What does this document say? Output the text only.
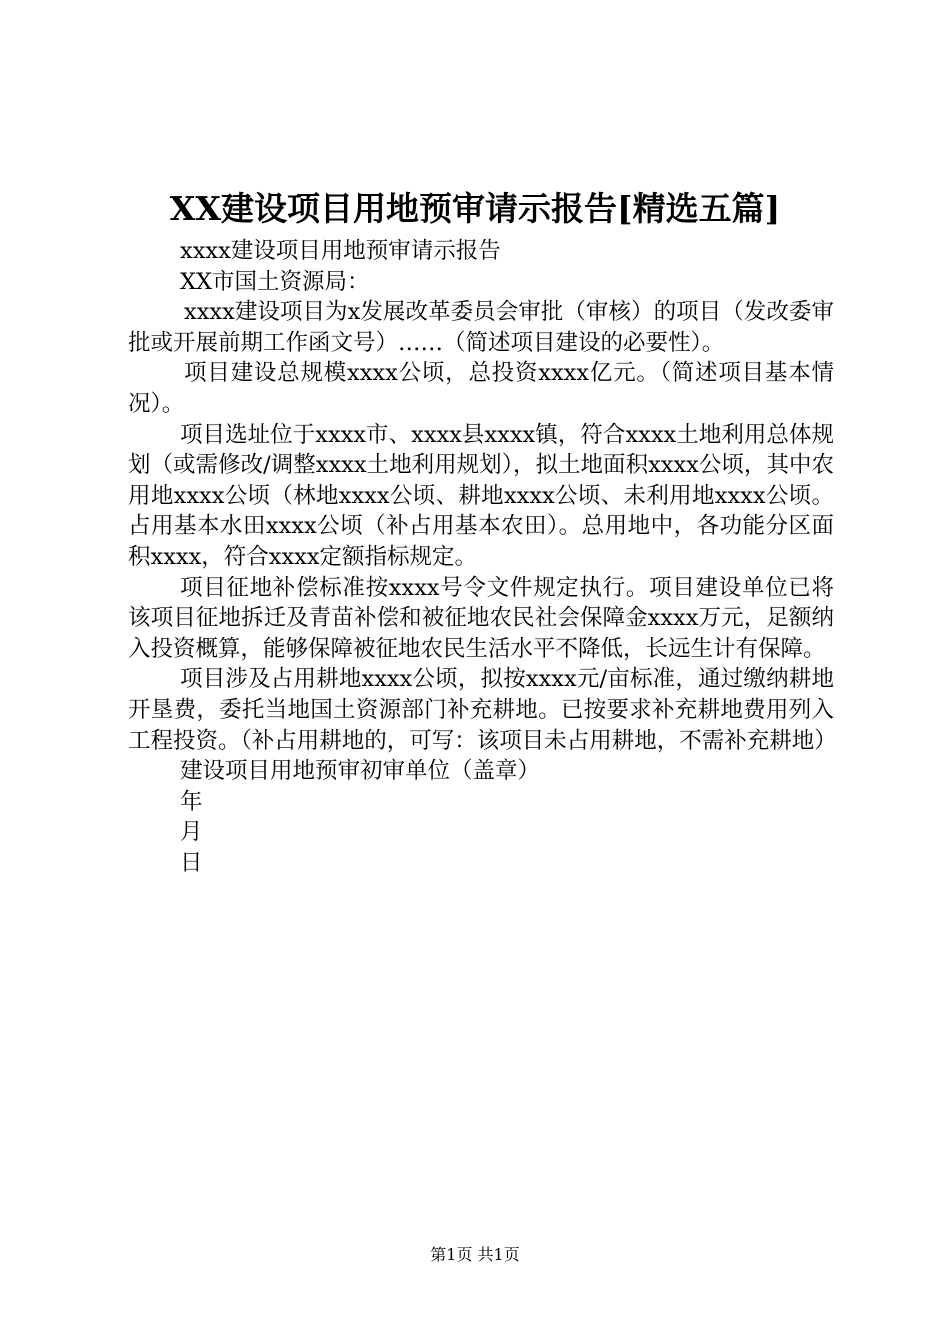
XX建设项目用地预审请示报告[精选五篇]

xxxx建设项目用地预审请示报告

XX市国土资源局：

xxxx建设项目为x发展改革委员会审批（审核）的项目（发改委审批或开展前期工作函文号）……（简述项目建设的必要性）。

项目建设总规模xxxx公顷，总投资xxxx亿元。（简述项目基本情况）。

项目选址位于xxxx市、xxxx县xxxx镇，符合xxxx土地利用总体规划（或需修改/调整xxxx土地利用规划），拟土地面积xxxx公顷，其中农用地xxxx公顷（林地xxxx公顷、耕地xxxx公顷、未利用地xxxx公顷。占用基本水田xxxx公顷（补占用基本农田）。总用地中，各功能分区面积xxxx，符合xxxx定额指标规定。

项目征地补偿标准按xxxx号令文件规定执行。项目建设单位已将该项目征地拆迁及青苗补偿和被征地农民社会保障金xxxx万元，足额纳入投资概算，能够保障被征地农民生活水平不降低，长远生计有保障。

项目涉及占用耕地xxxx公顷，拟按xxxx元/亩标准，通过缴纳耕地开垦费，委托当地国土资源部门补充耕地。已按要求补充耕地费用列入工程投资。（补占用耕地的，可写：该项目未占用耕地，不需补充耕地）

建设项目用地预审初审单位（盖章）

年

月

日

第1页 共1页
